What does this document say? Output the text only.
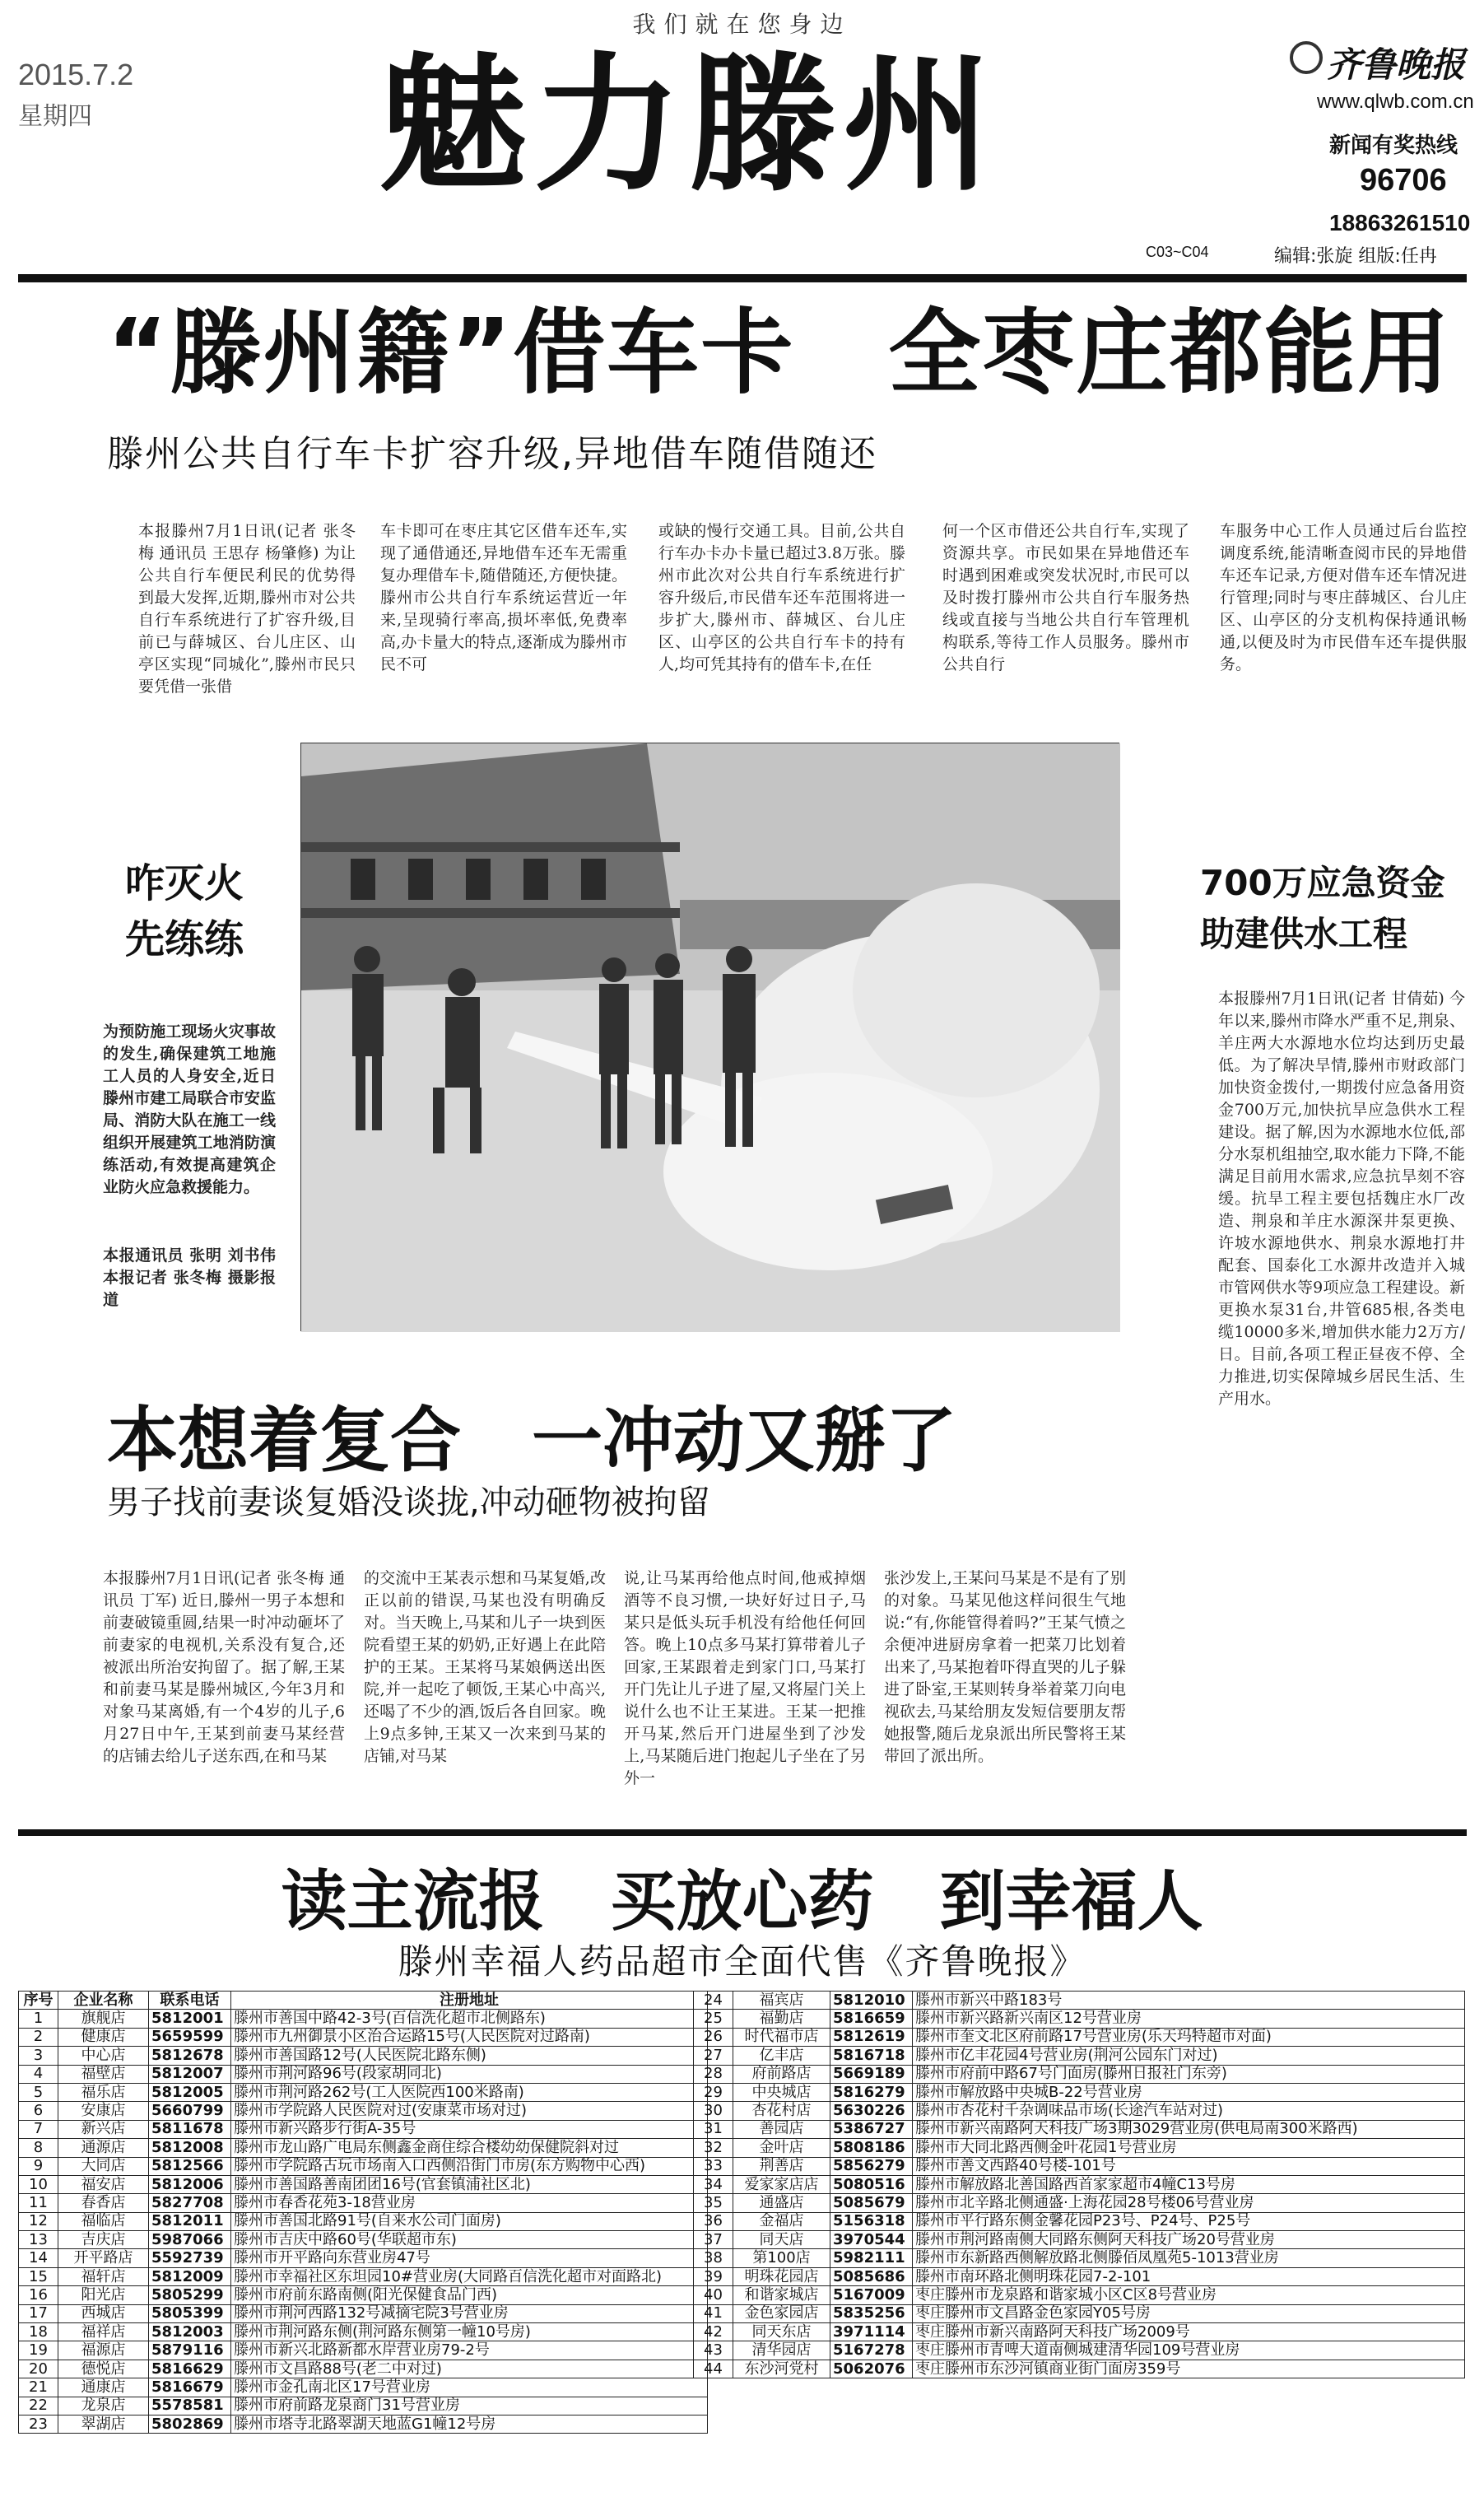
我们就在您身边
2015.7.2
星期四 魅力滕州	齐鲁晚报
www.qlwb.com.cn
新闻有奖热线
96706
18863261510
C03~C04	编辑:张旋 组版:任冉
“滕州籍”借车卡　全枣庄都能用
滕州公共自行车卡扩容升级,异地借车随借随还
本报滕州7月1日讯(记者 张冬梅 通讯员 王思存 杨肇修) 为让公共自行车便民利民的优势得到最大发挥,近期,滕州市对公共自行车系统进行了扩容升级,目前已与薛城区、台儿庄区、山亭区实现“同城化”,滕州市民只要凭借一张借
车卡即可在枣庄其它区借车还车,实现了通借通还,异地借车还车无需重复办理借车卡,随借随还,方便快捷。滕州市公共自行车系统运营近一年来,呈现骑行率高,损坏率低,免费率高,办卡量大的特点,逐渐成为滕州市民不可
或缺的慢行交通工具。目前,公共自行车办卡办卡量已超过3.8万张。滕州市此次对公共自行车系统进行扩容升级后,市民借车还车范围将进一步扩大,滕州市、薛城区、台儿庄区、山亭区的公共自行车卡的持有人,均可凭其持有的借车卡,在任
何一个区市借还公共自行车,实现了资源共享。市民如果在异地借还车时遇到困难或突发状况时,市民可以及时拨打滕州市公共自行车服务热线或直接与当地公共自行车管理机构联系,等待工作人员服务。滕州市公共自行
车服务中心工作人员通过后台监控调度系统,能清晰查阅市民的异地借车还车记录,方便对借车还车情况进行管理;同时与枣庄薛城区、台儿庄区、山亭区的分支机构保持通讯畅通,以便及时为市民借车还车提供服务。
咋灭火
先练练
为预防施工现场火灾事故的发生,确保建筑工地施工人员的人身安全,近日滕州市建工局联合市安监局、消防大队在施工一线组织开展建筑工地消防演练活动,有效提高建筑企业防火应急救援能力。
本报通讯员 张明 刘书伟 本报记者 张冬梅 摄影报道
700万应急资金
助建供水工程
本报滕州7月1日讯(记者 甘倩茹) 今年以来,滕州市降水严重不足,荆泉、羊庄两大水源地水位均达到历史最低。为了解决旱情,滕州市财政部门加快资金拨付,一期拨付应急备用资金700万元,加快抗旱应急供水工程建设。据了解,因为水源地水位低,部分水泵机组抽空,取水能力下降,不能满足目前用水需求,应急抗旱刻不容缓。抗旱工程主要包括魏庄水厂改造、荆泉和羊庄水源深井泵更换、许坡水源地供水、荆泉水源地打井配套、国泰化工水源井改造并入城市管网供水等9项应急工程建设。新更换水泵31台,井管685根,各类电缆10000多米,增加供水能力2万方/日。目前,各项工程正昼夜不停、全力推进,切实保障城乡居民生活、生产用水。
本想着复合　一冲动又掰了
男子找前妻谈复婚没谈拢,冲动砸物被拘留
本报滕州7月1日讯(记者 张冬梅 通讯员 丁军) 近日,滕州一男子本想和前妻破镜重圆,结果一时冲动砸坏了前妻家的电视机,关系没有复合,还被派出所治安拘留了。据了解,王某和前妻马某是滕州城区,今年3月和对象马某离婚,有一个4岁的儿子,6月27日中午,王某到前妻马某经营的店铺去给儿子送东西,在和马某
的交流中王某表示想和马某复婚,改正以前的错误,马某也没有明确反对。当天晚上,马某和儿子一块到医院看望王某的奶奶,正好遇上在此陪护的王某。王某将马某娘俩送出医院,并一起吃了顿饭,王某心中高兴,还喝了不少的酒,饭后各自回家。晚上9点多钟,王某又一次来到马某的店铺,对马某
说,让马某再给他点时间,他戒掉烟酒等不良习惯,一块好好过日子,马某只是低头玩手机没有给他任何回答。晚上10点多马某打算带着儿子回家,王某跟着走到家门口,马某打开门先让儿子进了屋,又将屋门关上说什么也不让王某进。王某一把推开马某,然后开门进屋坐到了沙发上,马某随后进门抱起儿子坐在了另外一
张沙发上,王某问马某是不是有了别的对象。马某见他这样问很生气地说:“有,你能管得着吗?”王某气愤之余便冲进厨房拿着一把菜刀比划着出来了,马某抱着吓得直哭的儿子躲进了卧室,王某则转身举着菜刀向电视砍去,马某给朋友发短信要朋友帮她报警,随后龙泉派出所民警将王某带回了派出所。
读主流报　买放心药　到幸福人
滕州幸福人药品超市全面代售《齐鲁晚报》
序号	企业名称	联系电话	注册地址
1	旗舰店	5812001	滕州市善国中路42-3号(百信洗化超市北侧路东)
2	健康店	5659599	滕州市九州御景小区治合运路15号(人民医院对过路南)
3	中心店	5812678	滕州市善国路12号(人民医院北路东侧)
4	福壁店	5812007	滕州市荆河路96号(段家胡同北)
5	福乐店	5812005	滕州市荆河路262号(工人医院西100米路南)
6	安康店	5660799	滕州市学院路人民医院对过(安康菜市场对过)
7	新兴店	5811678	滕州市新兴路步行街A-35号
8	通源店	5812008	滕州市龙山路广电局东侧鑫金商住综合楼幼幼保健院斜对过
9	大同店	5812566	滕州市学院路古玩市场南入口西侧沿街门市房(东方购物中心西)
10	福安店	5812006	滕州市善国路善南团团16号(官套镇浦社区北)
11	春香店	5827708	滕州市春香花苑3-18营业房
12	福临店	5812011	滕州市善国北路91号(自来水公司门面房)
13	吉庆店	5987066	滕州市吉庆中路60号(华联超市东)
14	开平路店	5592739	滕州市开平路向东营业房47号
15	福轩店	5812009	滕州市幸福社区东坦园10#营业房(大同路百信洗化超市对面路北)
16	阳光店	5805299	滕州市府前东路南侧(阳光保健食品门西)
17	西城店	5805399	滕州市荆河西路132号减摘宅院3号营业房
18	福祥店	5812003	滕州市荆河路东侧(荆河路东侧第一幢10号房)
19	福源店	5879116	滕州市新兴北路新都水岸营业房79-2号
20	德悦店	5816629	滕州市文昌路88号(老二中对过)
21	通康店	5816679	滕州市金孔南北区17号营业房
22	龙泉店	5578581	滕州市府前路龙泉商门31号营业房
23	翠湖店	5802869	滕州市塔寺北路翠湖天地蓝G1幢12号房
24	福宾店	5812010	滕州市新兴中路183号
25	福勤店	5816659	滕州市新兴路新兴南区12号营业房
26	时代福市店	5812619	滕州市奎文北区府前路17号营业房(乐天玛特超市对面)
27	亿丰店	5816718	滕州市亿丰花园4号营业房(荆河公园东门对过)
28	府前路店	5669189	滕州市府前中路67号门面房(滕州日报社门东旁)
29	中央城店	5816279	滕州市解放路中央城B-22号营业房
30	杏花村店	5630226	滕州市杏花村千杂调味品市场(长途汽车站对过)
31	善园店	5386727	滕州市新兴南路阿天科技广场3期3029营业房(供电局南300米路西)
32	金叶店	5808186	滕州市大同北路西侧金叶花园1号营业房
33	荆善店	5856279	滕州市善文西路40号楼-101号
34	爱家家店店	5080516	滕州市解放路北善国路西首家家超市4幢C13号房
35	通盛店	5085679	滕州市北辛路北侧通盛·上海花园28号楼06号营业房
36	金福店	5156318	滕州市平行路东侧金馨花园P23号、P24号、P25号
37	同天店	3970544	滕州市荆河路南侧大同路东侧阿天科技广场20号营业房
38	第100店	5982111	滕州市东新路西侧解放路北侧滕佰凤凰苑5-1013营业房
39	明珠花园店	5085686	滕州市南环路北侧明珠花园7-2-101
40	和谐家城店	5167009	枣庄滕州市龙泉路和谐家城小区C区8号营业房
41	金色家园店	5835256	枣庄滕州市文昌路金色家园Y05号房
42	同天东店	3971114	枣庄滕州市新兴南路阿天科技广场2009号
43	清华园店	5167278	枣庄滕州市青啤大道南侧城建清华园109号营业房
44	东沙河党村	5062076	枣庄滕州市东沙河镇商业街门面房359号
